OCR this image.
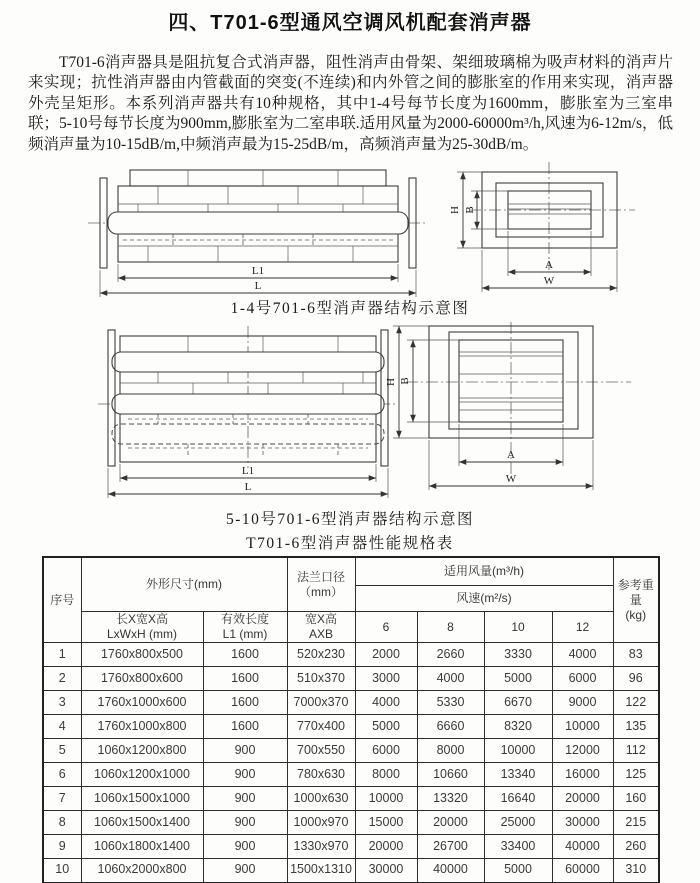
四、T701-6型通风空调风机配套消声器

T701-6消声器具是阻抗复合式消声器，阻性消声由骨架、架细玻璃棉为吸声材料的消声片来实现；抗性消声器由内管截面的突变(不连续)和内外管之间的膨胀室的作用来实现，消声器外壳呈矩形。本系列消声器共有10种规格，其中1-4号每节长度为1600mm，膨胀室为三室串联；5-10号每节长度为900mm,膨胀室为二室串联.适用风量为2000-60000m³/h,风速为6-12m/s，低频消声量为10-15dB/m,中频消声最为15-25dB/m，高频消声量为25-30dB/m。

L1
L
H B
A
W
1-4号701-6型消声器结构示意图
L1
L
H B
A
W
5-10号701-6型消声器结构示意图
T701-6型消声器性能规格表
序号	外形尺寸(mm)		法兰口径
（mm）	适用风量(m³/h)				参考重量
(kg)

				风速(m²/s)				

	长X宽X高
LxWxH (mm)	有效长度
L1 (mm)	宽X高
AXB	6	8	10	12	
1	1760x800x500	1600	520x230	2000	2660	3330	4000	83
2	1760x800x600	1600	510x370	3000	4000	5000	6000	96
3	1760x1000x600	1600	7000x370	4000	5330	6670	9000	122
4	1760x1000x800	1600	770x400	5000	6660	8320	10000	135
5	1060x1200x800	900	700x550	6000	8000	10000	12000	112
6	1060x1200x1000	900	780x630	8000	10660	13340	16000	125
7	1060x1500x1000	900	1000x630	10000	13320	16640	20000	160
8	1060x1500x1400	900	1000x970	15000	20000	25000	30000	215
9	1060x1800x1400	900	1330x970	20000	26700	33400	40000	260
10	1060x2000x800	900	1500x1310	30000	40000	5000	60000	310
